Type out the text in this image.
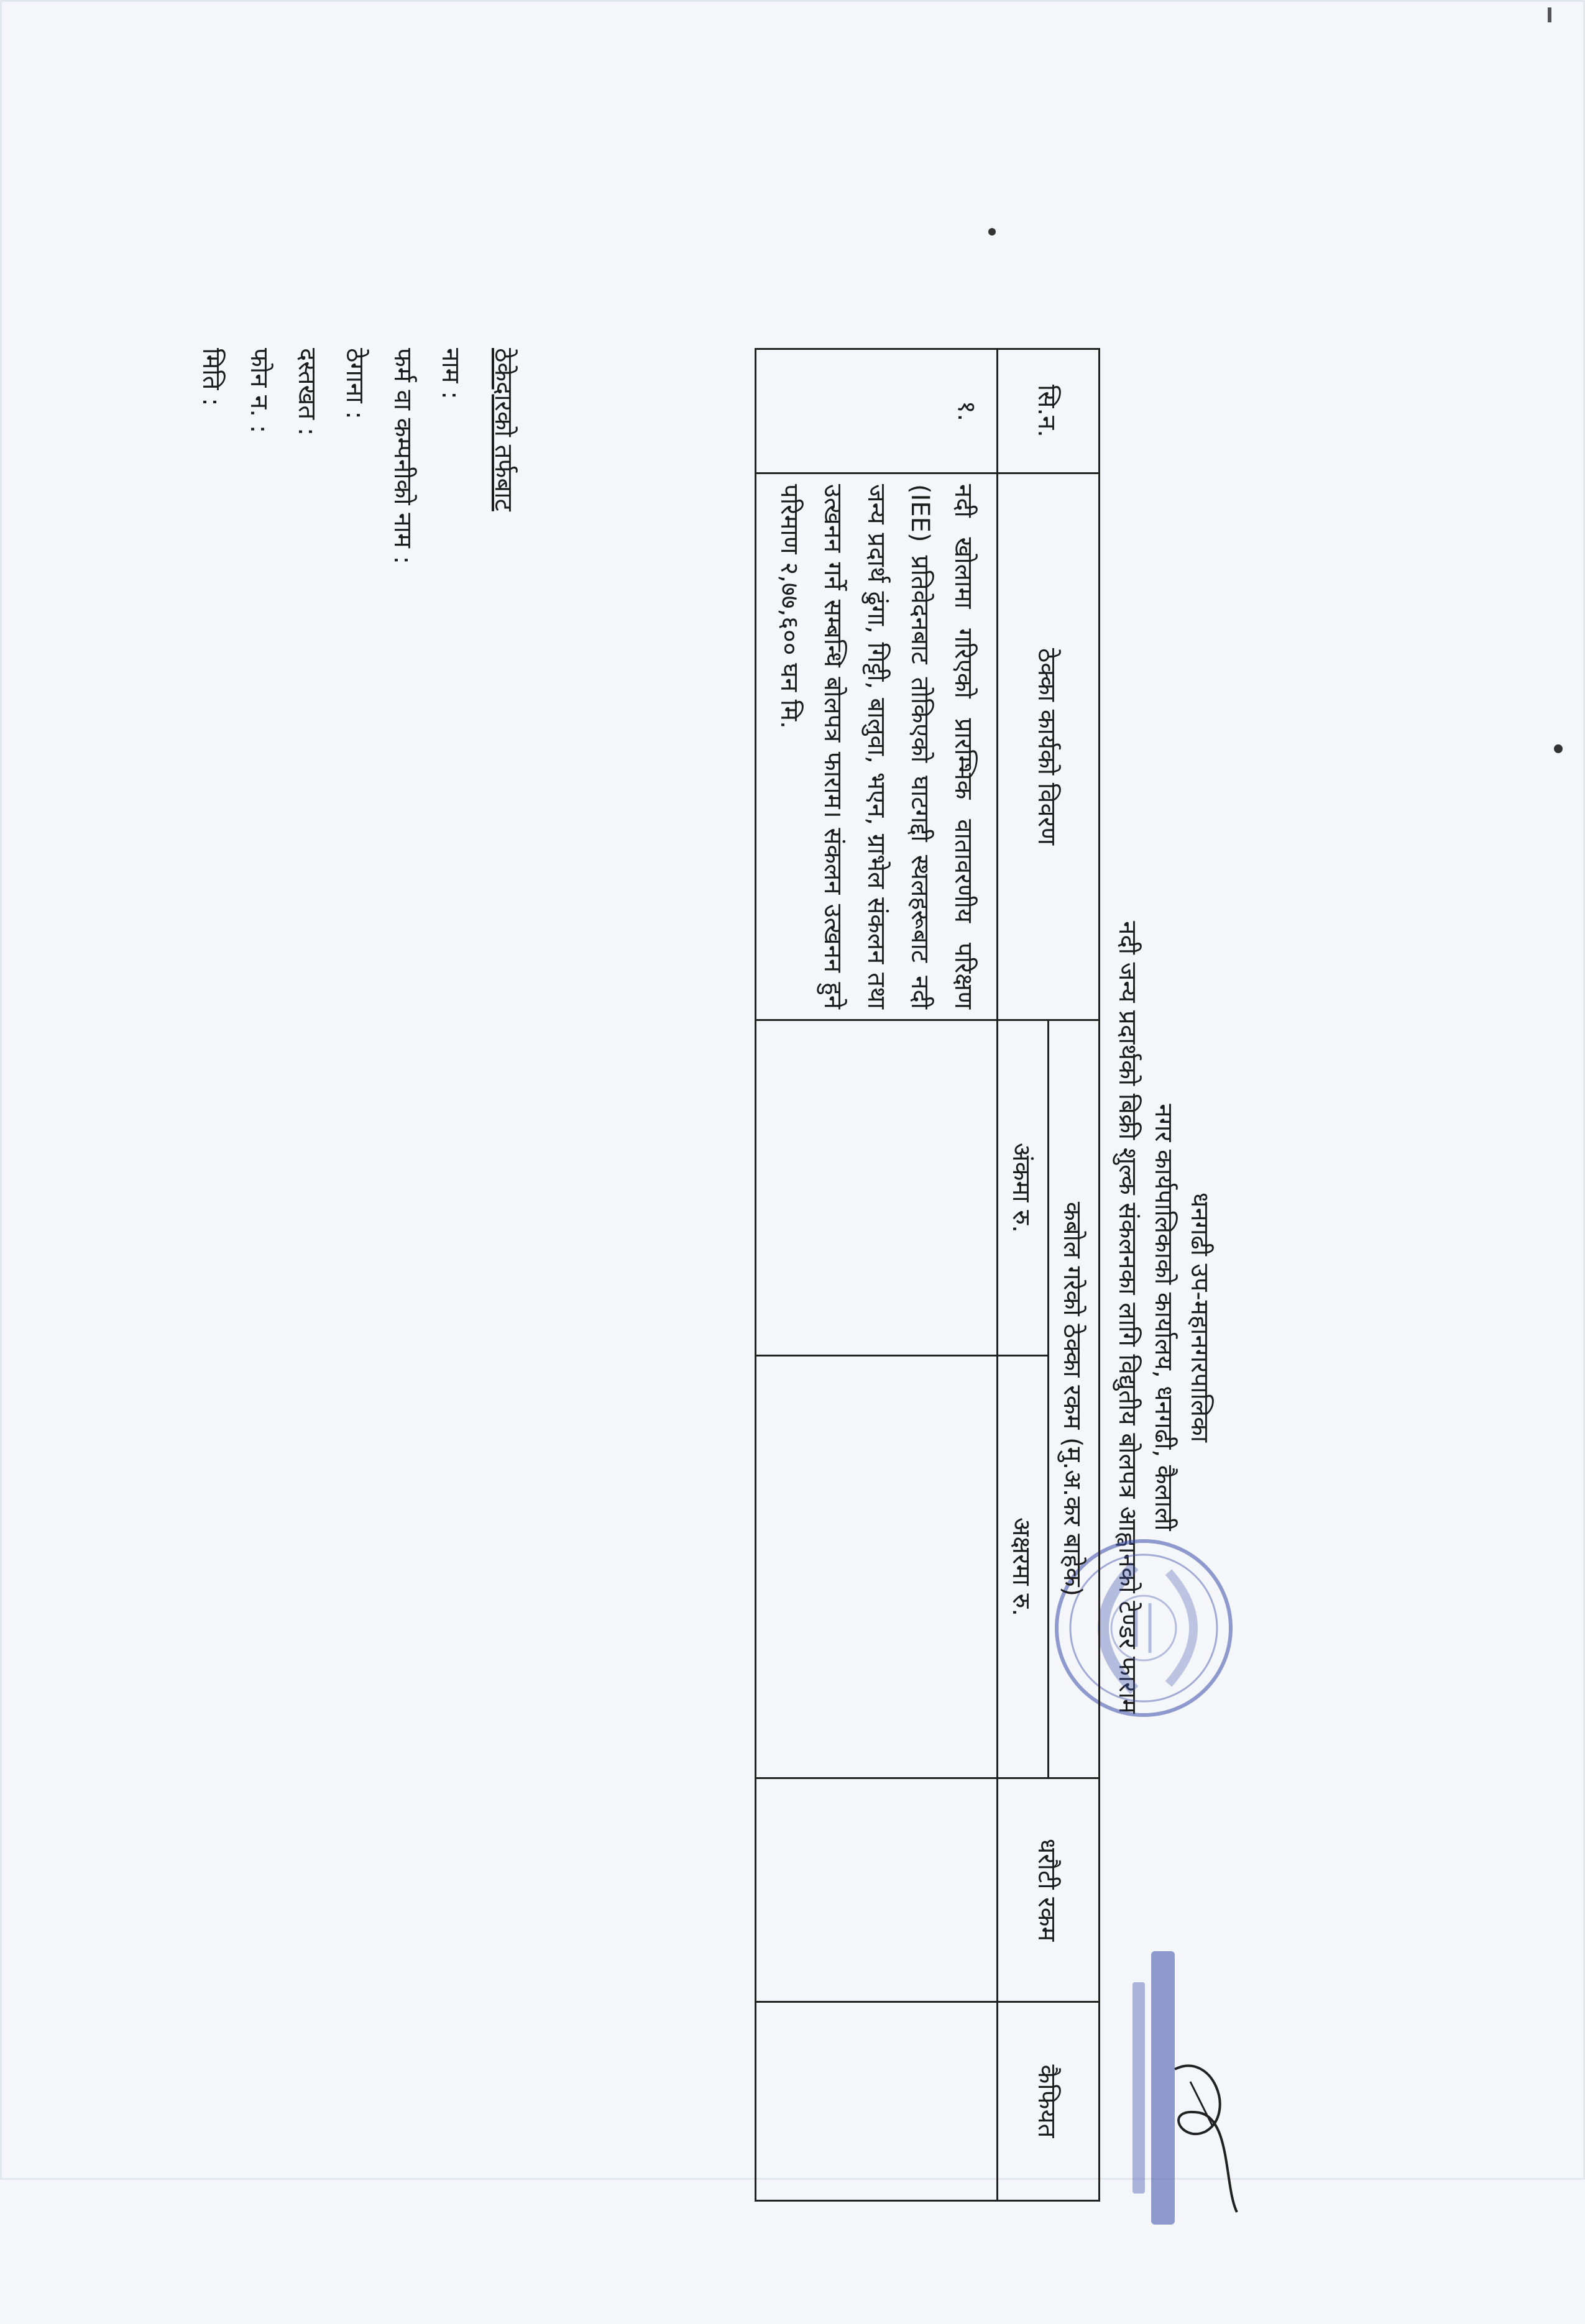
धनगढी उप-महानगरपालिका
नगर कार्यपालिकाको कार्यालय, धनगढी, कैलाली
नदी जन्य प्रदार्थको बिक्री शुल्क संकलनका लागि विद्युतीय बोलपत्र आह्वानको टेण्डर फाराम
सि.न.	ठेक्का कार्यको विवरण	कबोल गरेको ठेक्का रकम (मु.अ.कर बाहेक)		धरौटी रकम	कैफियत
		अंकमा रु.	अक्षरमा रु.		
१.	नदी खोलामा गरिएको प्रारम्भिक वातावरणीय परिक्षण (IEE) प्रतिवेदनबाट तोकिएको घाटगद्दी स्थलहरूबाट नदी जन्य प्रदार्थ ढुंगा, गिट्टी, बालुवा, भएन, ग्राभेल संकलन तथा उत्खनन गर्ने सम्बन्धि बोलपत्र फाराम। संकलन उत्खनन हुने परिमाण २,७७,६०० घन मि.				
ठेकेदारको तर्फबाट
नाम :
फर्म वा कम्पनीको नाम :
ठेगाना :
दस्तखत :
फोन न. :
मिति :
